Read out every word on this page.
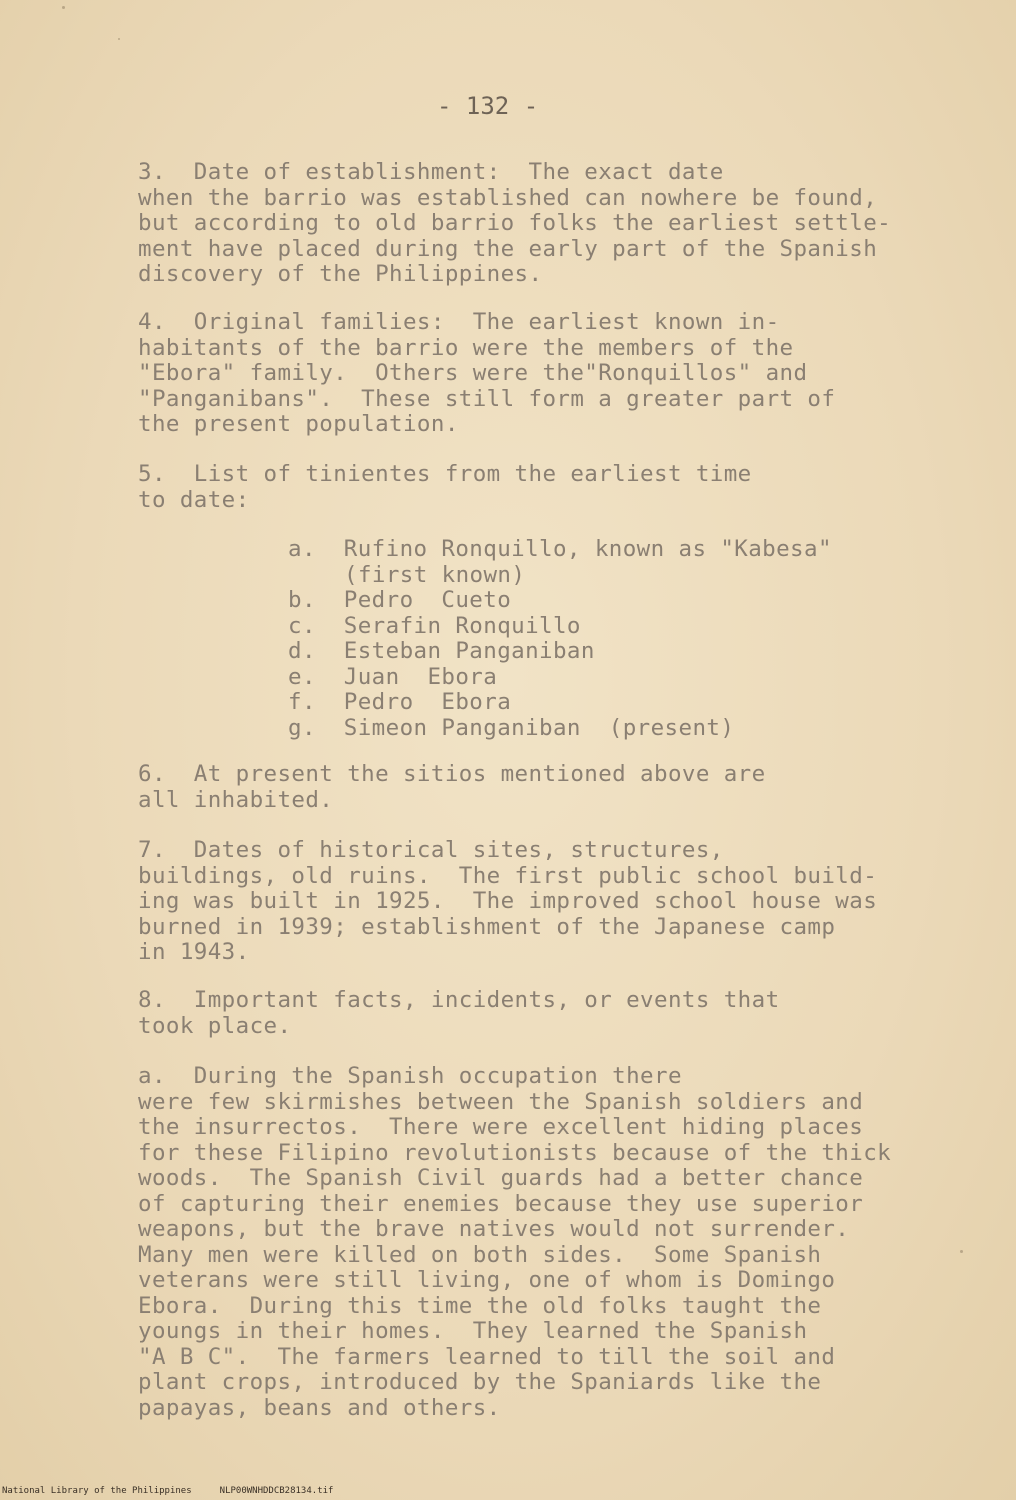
- 132 -

3.  Date of establishment:  The exact date
when the barrio was established can nowhere be found,
but according to old barrio folks the earliest settle-
ment have placed during the early part of the Spanish
discovery of the Philippines.

4.  Original families:  The earliest known in-
habitants of the barrio were the members of the
"Ebora" family.  Others were the"Ronquillos" and
"Panganibans".  These still form a greater part of
the present population.

5.  List of tinientes from the earliest time
to date:

a.  Rufino Ronquillo, known as "Kabesa"
(first known)
b.  Pedro  Cueto
c.  Serafin Ronquillo
d.  Esteban Panganiban
e.  Juan  Ebora
f.  Pedro  Ebora
g.  Simeon Panganiban  (present)

6.  At present the sitios mentioned above are
all inhabited.

7.  Dates of historical sites, structures,
buildings, old ruins.  The first public school build-
ing was built in 1925.  The improved school house was
burned in 1939; establishment of the Japanese camp
in 1943.

8.  Important facts, incidents, or events that
took place.

a.  During the Spanish occupation there
were few skirmishes between the Spanish soldiers and
the insurrectos.  There were excellent hiding places
for these Filipino revolutionists because of the thick
woods.  The Spanish Civil guards had a better chance
of capturing their enemies because they use superior
weapons, but the brave natives would not surrender.
Many men were killed on both sides.  Some Spanish
veterans were still living, one of whom is Domingo
Ebora.  During this time the old folks taught the
youngs in their homes.  They learned the Spanish
"A B C".  The farmers learned to till the soil and
plant crops, introduced by the Spaniards like the
papayas, beans and others.

National Library of the Philippines	NLP00WNHDDCB28134.tif
